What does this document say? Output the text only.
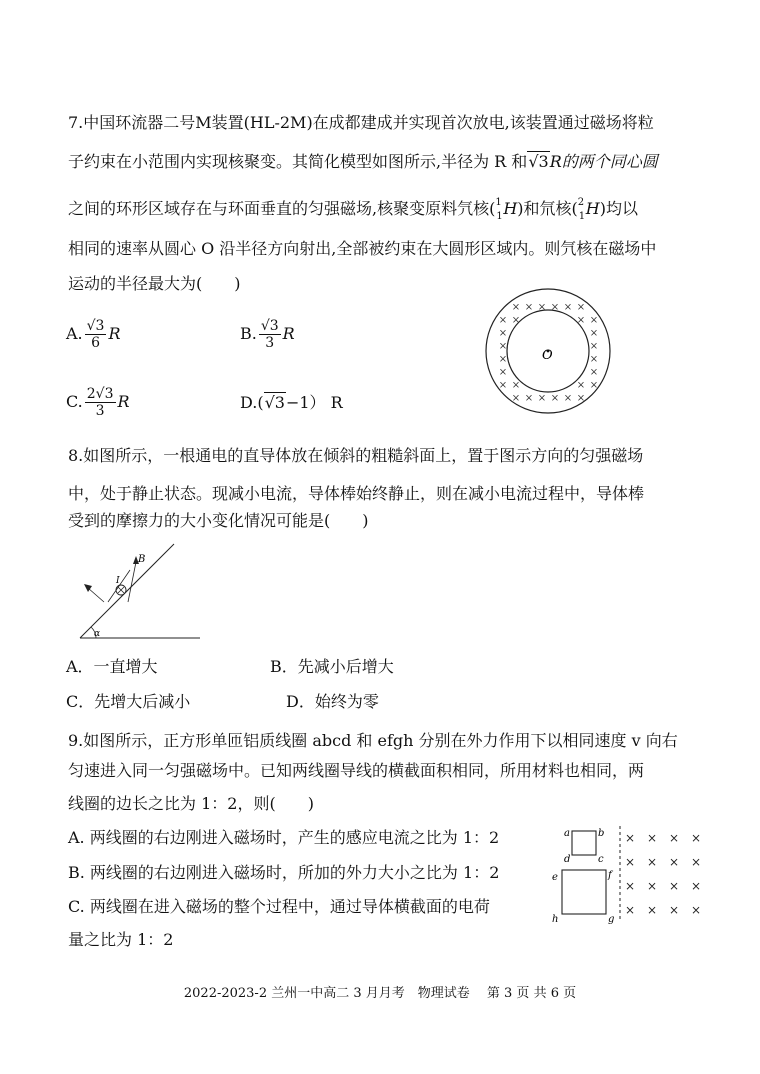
7.中国环流器二号M装置(HL-2M)在成都建成并实现首次放电,该装置通过磁场将粒
子约束在小范围内实现核聚变。其简化模型如图所示,半径为 R 和√3R的两个同心圆
之间的环形区域存在与环面垂直的匀强磁场,核聚变原料氕核( 1
1 H)和氘核( 2
1 H)均以
相同的速率从圆心 O 沿半径方向射出,全部被约束在大圆形区域内。则氕核在磁场中
运动的半径最大为(　　)
A. $\frac{√3}{6}$ R	B. $\frac{√3}{3}$ R
C. $\frac{2√3}{3}$ R	D.(√3−1） R
× × × × × ×
× ×	× ×
×	×
×	×
×	×
×	×
× ×	× ×
× × × × × ×
O
8.如图所示，一根通电的直导体放在倾斜的粗糙斜面上，置于图示方向的匀强磁场
中，处于静止状态。现减小电流，导体棒始终静止，则在减小电流过程中，导体棒
受到的摩擦力的大小变化情况可能是(　　)
α
I
B
A．一直增大	B．先减小后增大
C．先增大后减小	D．始终为零
9.如图所示，正方形单匝铝质线圈 abcd 和 efgh 分别在外力作用下以相同速度 v 向右
匀速进入同一匀强磁场中。已知两线圈导线的横截面积相同，所用材料也相同，两
线圈的边长之比为 1：2，则(　　)
A. 两线圈的右边刚进入磁场时，产生的感应电流之比为 1：2
B. 两线圈的右边刚进入磁场时，所加的外力大小之比为 1：2
C. 两线圈在进入磁场的整个过程中，通过导体横截面的电荷
量之比为 1：2
a	b
c
d
e	f
g
h
× × × ×
× × × ×
× × × ×
× × × ×
2022-2023-2 兰州一中高二 3 月月考　物理试卷　 第 3 页 共 6 页
